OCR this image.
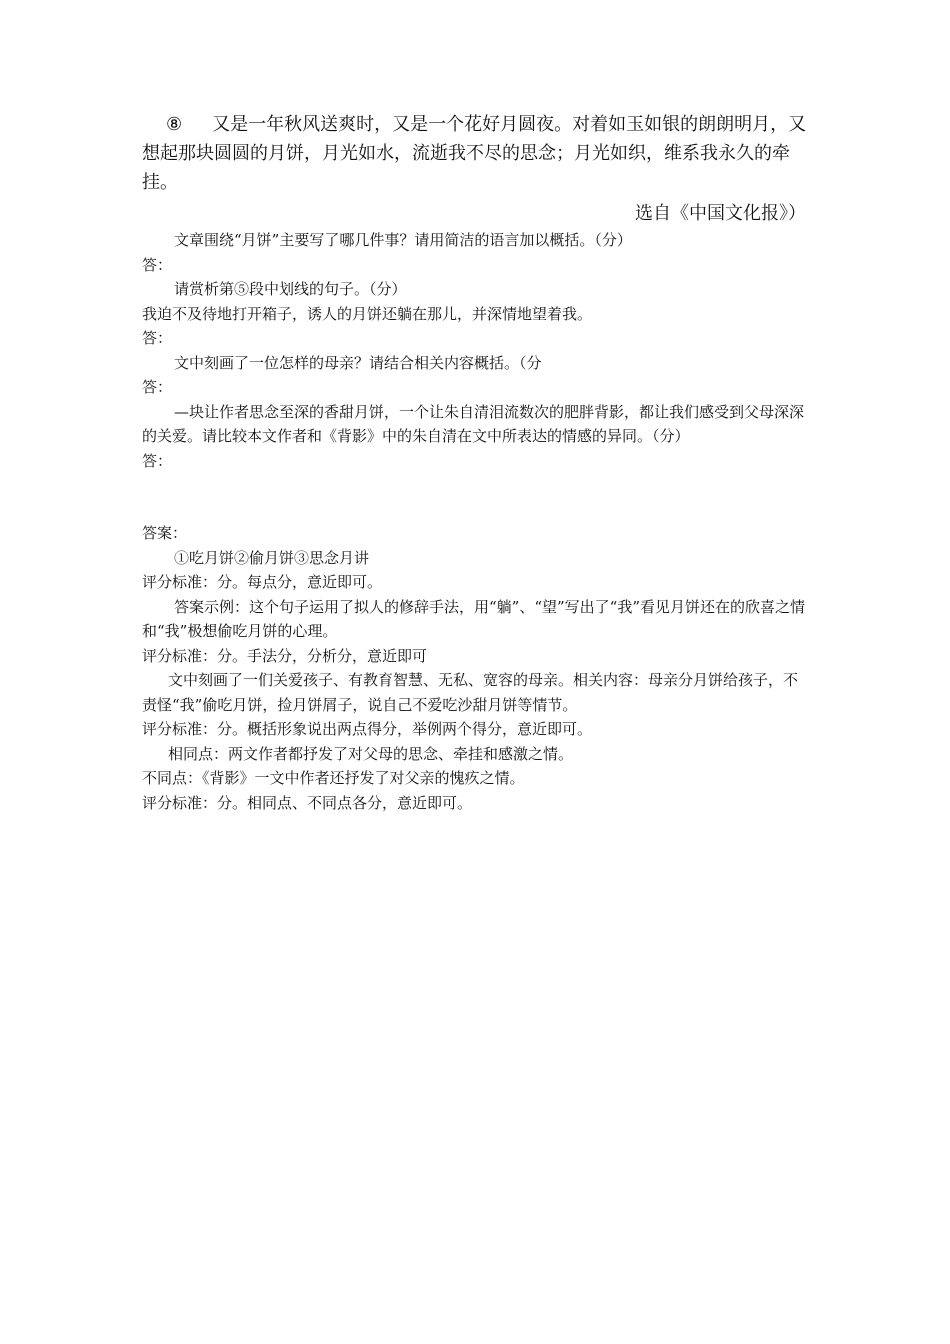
⑧ 又是一年秋风送爽时，又是一个花好月圆夜。对着如玉如银的朗朗明月，又想起那块圆圆的月饼，月光如水，流逝我不尽的思念；月光如织，维系我永久的牵挂。

选自《中国文化报》）

文章围绕“月饼”主要写了哪几件事？请用简洁的语言加以概括。（分）

答：

请赏析第⑤段中划线的句子。（分）

我迫不及待地打开箱子，诱人的月饼还躺在那儿，并深情地望着我。

答：

文中刻画了一位怎样的母亲？请结合相关内容概括。（分

答：

—块让作者思念至深的香甜月饼，一个让朱自清泪流数次的肥胖背影，都让我们感受到父母深深的关爱。请比较本文作者和《背影》中的朱自清在文中所表达的情感的异同。（分）

答：

答案：

①吃月饼②偷月饼③思念月讲

评分标准：分。每点分，意近即可。

答案示例：这个句子运用了拟人的修辞手法，用“躺”、“望”写出了“我”看见月饼还在的欣喜之情和“我”极想偷吃月饼的心理。

评分标准：分。手法分，分析分，意近即可

文中刻画了一们关爱孩子、有教育智慧、无私、宽容的母亲。相关内容：母亲分月饼给孩子，不责怪“我”偷吃月饼，捡月饼屑子，说自己不爱吃沙甜月饼等情节。

评分标准：分。概括形象说出两点得分，举例两个得分，意近即可。

相同点：两文作者都抒发了对父母的思念、牵挂和感激之情。

不同点：《背影》一文中作者还抒发了对父亲的愧疚之情。

评分标准：分。相同点、不同点各分，意近即可。
